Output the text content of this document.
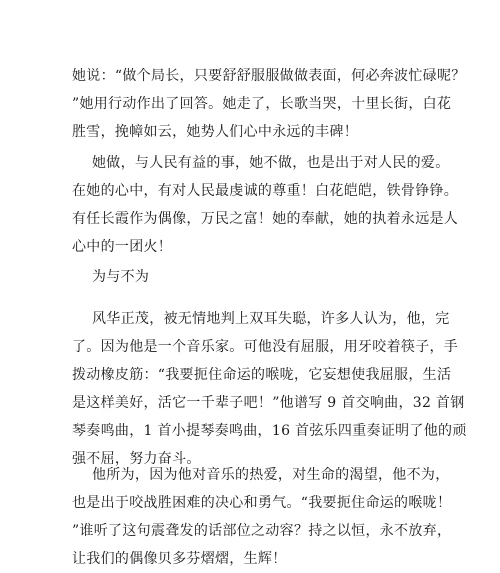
她说：“做个局长，只要舒舒服服做做表面，何必奔波忙碌呢？
”她用行动作出了回答。她走了，长歌当哭，十里长街，白花
胜雪，挽幛如云，她势人们心中永远的丰碑！

她做，与人民有益的事，她不做，也是出于对人民的爱。
在她的心中，有对人民最虔诚的尊重！白花皑皑，铁骨铮铮。
有任长霞作为偶像，万民之富！她的奉献，她的执着永远是人
心中的一团火！

为与不为

风华正茂，被无情地判上双耳失聪，许多人认为，他，完
了。因为他是一个音乐家。可他没有屈服，用牙咬着筷子，手
拨动橡皮筋：“我要扼住命运的喉咙，它妄想使我屈服，生活
是这样美好，活它一千辈子吧！”他谱写 9 首交响曲，32 首钢
琴奏鸣曲，1 首小提琴奏鸣曲，16 首弦乐四重奏证明了他的顽
强不屈，努力奋斗。

他所为，因为他对音乐的热爱，对生命的渴望，他不为，
也是出于咬战胜困难的决心和勇气。“我要扼住命运的喉咙！
”谁听了这句震聋发的话部位之动容？持之以恒，永不放弃，
让我们的偶像贝多芬熠熠，生辉！
